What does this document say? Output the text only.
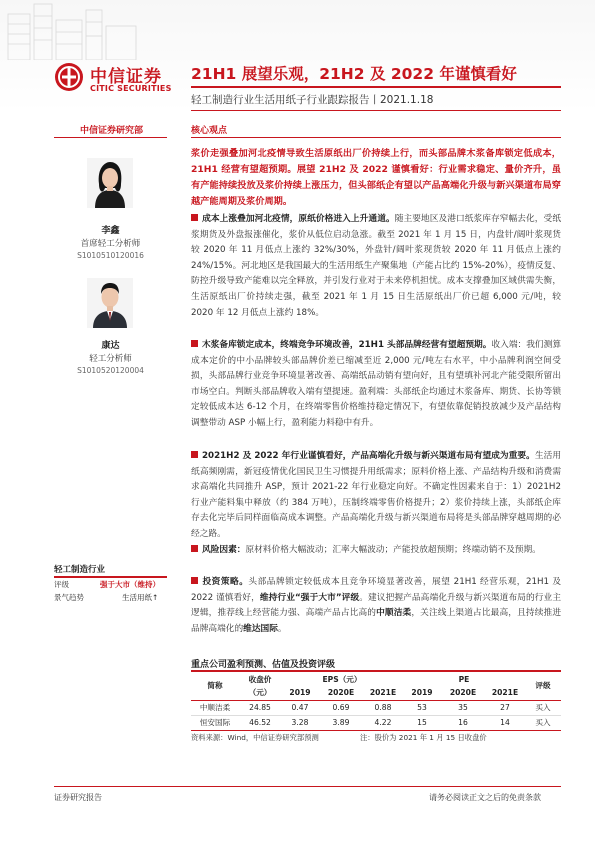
中信证券
CITIC SECURITIES
21H1 展望乐观，21H2 及 2022 年谨慎看好
轻工制造行业生活用纸子行业跟踪报告丨2021.1.18
中信证券研究部
李鑫
首席轻工分析师
S1010510120016
康达
轻工分析师
S1010520120004
核心观点
浆价走强叠加河北疫情导致生活原纸出厂价持续上行，而头部品牌木浆备库锁定低成本，21H1 经营有望超预期。展望 21H2 及 2022 谨慎看好：行业需求稳定、量价齐升，虽有产能持续投放及浆价持续上涨压力，但头部纸企有望以产品高端化升级与新兴渠道布局穿越产能周期及浆价周期。
成本上涨叠加河北疫情，原纸价格进入上升通道。随主要地区及港口纸浆库存窄幅去化，受纸浆期货及外盘报涨催化，浆价从低位启动急涨。截至 2021 年 1 月 15 日，内盘针/阔叶浆现货较 2020 年 11 月低点上涨约 32%/30%，外盘针/阔叶浆现货较 2020 年 11 月低点上涨约 24%/15%。河北地区是我国最大的生活用纸生产聚集地（产能占比约 15%-20%），疫情反复、防控升级导致产能难以完全释放，并引发行业对于未来停机担忧。成本支撑叠加区域供需失衡，生活原纸出厂价持续走强，截至 2021 年 1 月 15 日生活原纸出厂价已超 6,000 元/吨，较 2020 年 12 月低点上涨约 18%。
木浆备库锁定成本，终端竞争环境改善，21H1 头部品牌经营有望超预期。收入端：我们测算成本定价的中小品牌较头部品牌价差已缩减至近 2,000 元/吨左右水平，中小品牌利润空间受损，头部品牌行业竞争环境显著改善、高端纸品动销有望向好，且有望填补河北产能受限所留出市场空白。判断头部品牌收入端有望提速。盈利端：头部纸企均通过木浆备库、期货、长协等锁定较低成本达 6-12 个月，在终端零售价格维持稳定情况下，有望依靠促销投放减少及产品结构调整带动 ASP 小幅上行，盈利能力料稳中有升。
2021H2 及 2022 年行业谨慎看好，产品高端化升级与新兴渠道布局有望成为重要。生活用纸高频刚需，新冠疫情优化国民卫生习惯提升用纸需求；原料价格上涨、产品结构升级和消费需求高端化共同推升 ASP，预计 2021-22 年行业稳定向好。不确定性因素来自于：1）2021H2 行业产能料集中释放（约 384 万吨），压制终端零售价格提升；2）浆价持续上涨，头部纸企库存去化完毕后同样面临高成本调整。产品高端化升级与新兴渠道布局将是头部品牌穿越周期的必经之路。
风险因素：原材料价格大幅波动；汇率大幅波动；产能投放超预期；终端动销不及预期。
投资策略。头部品牌锁定较低成本且竞争环境显著改善，展望 21H1 经营乐观，21H1 及 2022 谨慎看好，维持行业“强于大市”评级。建议把握产品高端化升级与新兴渠道布局的行业主逻辑，推荐线上经营能力强、高端产品占比高的中顺洁柔，关注线上渠道占比最高，且持续推进品牌高端化的维达国际。
轻工制造行业
评级	强于大市（维持）
景气趋势	生活用纸↑
重点公司盈利预测、估值及投资评级
简称	收盘价	EPS（元）			PE			评级
	（元）	2019	2020E	2021E	2019	2020E	2021E	
中顺洁柔	24.85	0.47	0.69	0.88	53	35	27	买入
恒安国际	46.52	3.28	3.89	4.22	15	16	14	买入
资料来源：Wind，中信证券研究部预测	注：股价为 2021 年 1 月 15 日收盘价
证券研究报告	请务必阅读正文之后的免责条款
